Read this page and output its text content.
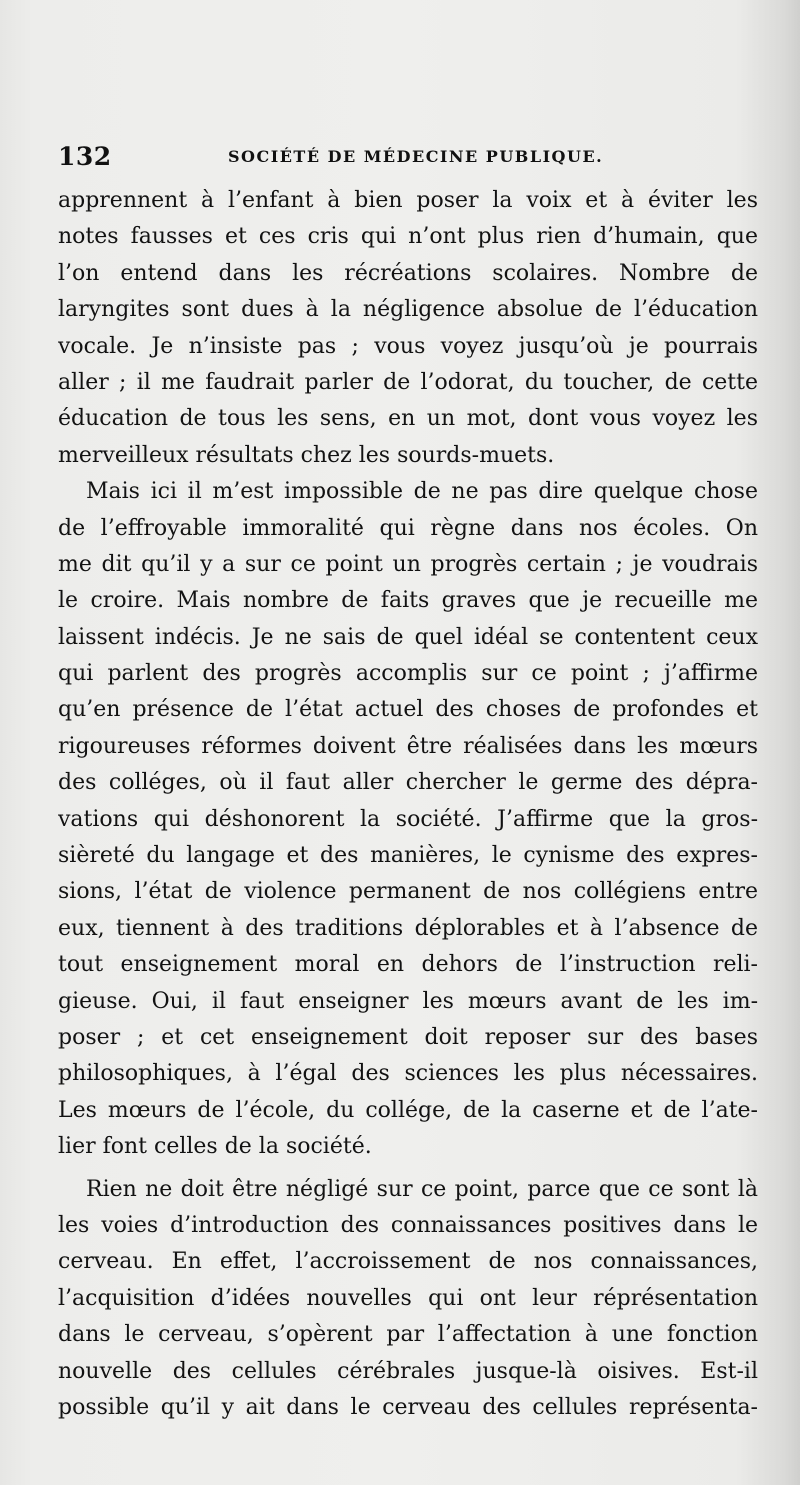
132	SOCIÉTÉ DE MÉDECINE PUBLIQUE.
apprennent à l’enfant à bien poser la voix et à éviter les
notes fausses et ces cris qui n’ont plus rien d’humain, que
l’on entend dans les récréations scolaires. Nombre de
laryngites sont dues à la négligence absolue de l’éducation
vocale. Je n’insiste pas ; vous voyez jusqu’où je pourrais
aller ; il me faudrait parler de l’odorat, du toucher, de cette
éducation de tous les sens, en un mot, dont vous voyez les
merveilleux résultats chez les sourds-muets.
Mais ici il m’est impossible de ne pas dire quelque chose
de l’effroyable immoralité qui règne dans nos écoles. On
me dit qu’il y a sur ce point un progrès certain ; je voudrais
le croire. Mais nombre de faits graves que je recueille me
laissent indécis. Je ne sais de quel idéal se contentent ceux
qui parlent des progrès accomplis sur ce point ; j’affirme
qu’en présence de l’état actuel des choses de profondes et
rigoureuses réformes doivent être réalisées dans les mœurs
des colléges, où il faut aller chercher le germe des dépra-
vations qui déshonorent la société. J’affirme que la gros-
sièreté du langage et des manières, le cynisme des expres-
sions, l’état de violence permanent de nos collégiens entre
eux, tiennent à des traditions déplorables et à l’absence de
tout enseignement moral en dehors de l’instruction reli-
gieuse. Oui, il faut enseigner les mœurs avant de les im-
poser ; et cet enseignement doit reposer sur des bases
philosophiques, à l’égal des sciences les plus nécessaires.
Les mœurs de l’école, du collége, de la caserne et de l’ate-
lier font celles de la société.
Rien ne doit être négligé sur ce point, parce que ce sont là
les voies d’introduction des connaissances positives dans le
cerveau. En effet, l’accroissement de nos connaissances,
l’acquisition d’idées nouvelles qui ont leur réprésentation
dans le cerveau, s’opèrent par l’affectation à une fonction
nouvelle des cellules cérébrales jusque-là oisives. Est-il
possible qu’il y ait dans le cerveau des cellules représenta-
